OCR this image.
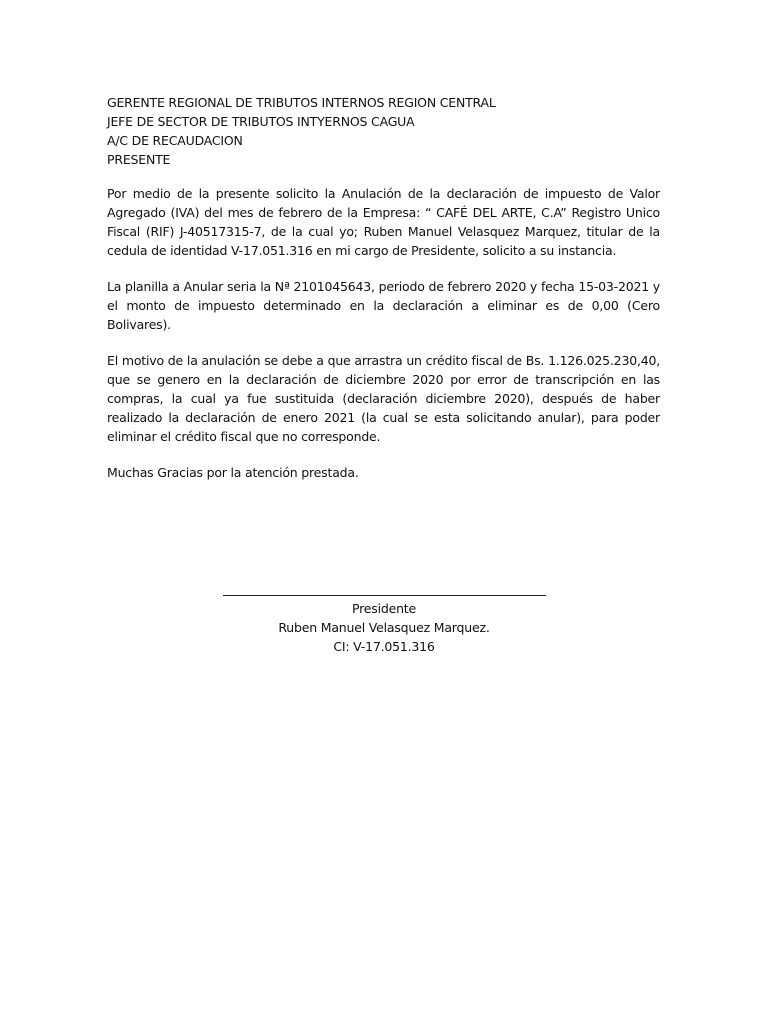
GERENTE REGIONAL DE TRIBUTOS INTERNOS REGION CENTRAL
JEFE DE SECTOR DE TRIBUTOS INTYERNOS CAGUA
A/C DE RECAUDACION
PRESENTE

Por medio de la presente solicito la Anulación de la declaración de impuesto de Valor Agregado (IVA) del mes de febrero de la Empresa: “ CAFÉ DEL ARTE, C.A” Registro Unico Fiscal (RIF) J-40517315-7, de la cual yo; Ruben Manuel Velasquez Marquez, titular de la cedula de identidad V-17.051.316 en mi cargo de Presidente, solicito a su instancia.

La planilla a Anular seria la Nª 2101045643, periodo de febrero 2020 y fecha 15-03-2021 y el monto de impuesto determinado en la declaración a eliminar es de 0,00 (Cero Bolivares).

El motivo de la anulación se debe a que arrastra un crédito fiscal de Bs. 1.126.025.230,40, que se genero en la declaración de diciembre 2020 por error de transcripción en las compras, la cual ya fue sustituida (declaración diciembre 2020), después de haber realizado la declaración de enero 2021 (la cual se esta solicitando anular), para poder eliminar el crédito fiscal que no corresponde.

Muchas Gracias por la atención prestada.

Presidente
Ruben Manuel Velasquez Marquez.
CI: V-17.051.316
